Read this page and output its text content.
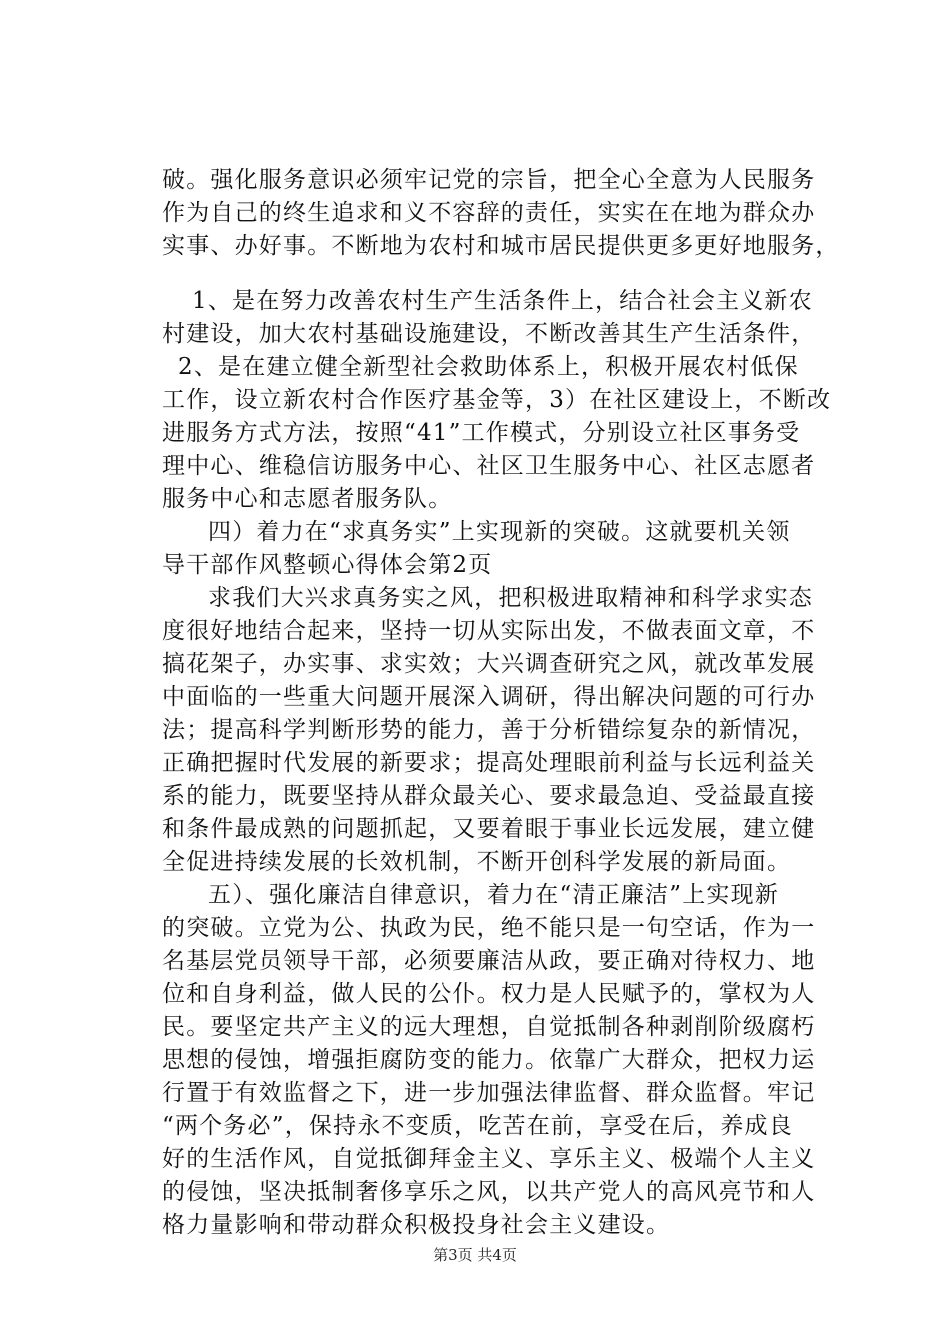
破。强化服务意识必须牢记党的宗旨，把全心全意为人民服务
作为自己的终生追求和义不容辞的责任，实实在在地为群众办
实事、办好事。不断地为农村和城市居民提供更多更好地服务，
1、是在努力改善农村生产生活条件上，结合社会主义新农
村建设，加大农村基础设施建设，不断改善其生产生活条件，
2、是在建立健全新型社会救助体系上，积极开展农村低保
工作，设立新农村合作医疗基金等，3）在社区建设上，不断改
进服务方式方法，按照“41”工作模式，分别设立社区事务受
理中心、维稳信访服务中心、社区卫生服务中心、社区志愿者
服务中心和志愿者服务队。
四）着力在“求真务实”上实现新的突破。这就要机关领
导干部作风整顿心得体会第2页
求我们大兴求真务实之风，把积极进取精神和科学求实态
度很好地结合起来，坚持一切从实际出发，不做表面文章，不
搞花架子，办实事、求实效；大兴调查研究之风，就改革发展
中面临的一些重大问题开展深入调研，得出解决问题的可行办
法；提高科学判断形势的能力，善于分析错综复杂的新情况，
正确把握时代发展的新要求；提高处理眼前利益与长远利益关
系的能力，既要坚持从群众最关心、要求最急迫、受益最直接
和条件最成熟的问题抓起，又要着眼于事业长远发展，建立健
全促进持续发展的长效机制，不断开创科学发展的新局面。
五）、强化廉洁自律意识，着力在“清正廉洁”上实现新
的突破。立党为公、执政为民，绝不能只是一句空话，作为一
名基层党员领导干部，必须要廉洁从政，要正确对待权力、地
位和自身利益，做人民的公仆。权力是人民赋予的，掌权为人
民。要坚定共产主义的远大理想，自觉抵制各种剥削阶级腐朽
思想的侵蚀，增强拒腐防变的能力。依靠广大群众，把权力运
行置于有效监督之下，进一步加强法律监督、群众监督。牢记
“两个务必”，保持永不变质，吃苦在前，享受在后，养成良
好的生活作风，自觉抵御拜金主义、享乐主义、极端个人主义
的侵蚀，坚决抵制奢侈享乐之风，以共产党人的高风亮节和人
格力量影响和带动群众积极投身社会主义建设。
第3页 共4页
